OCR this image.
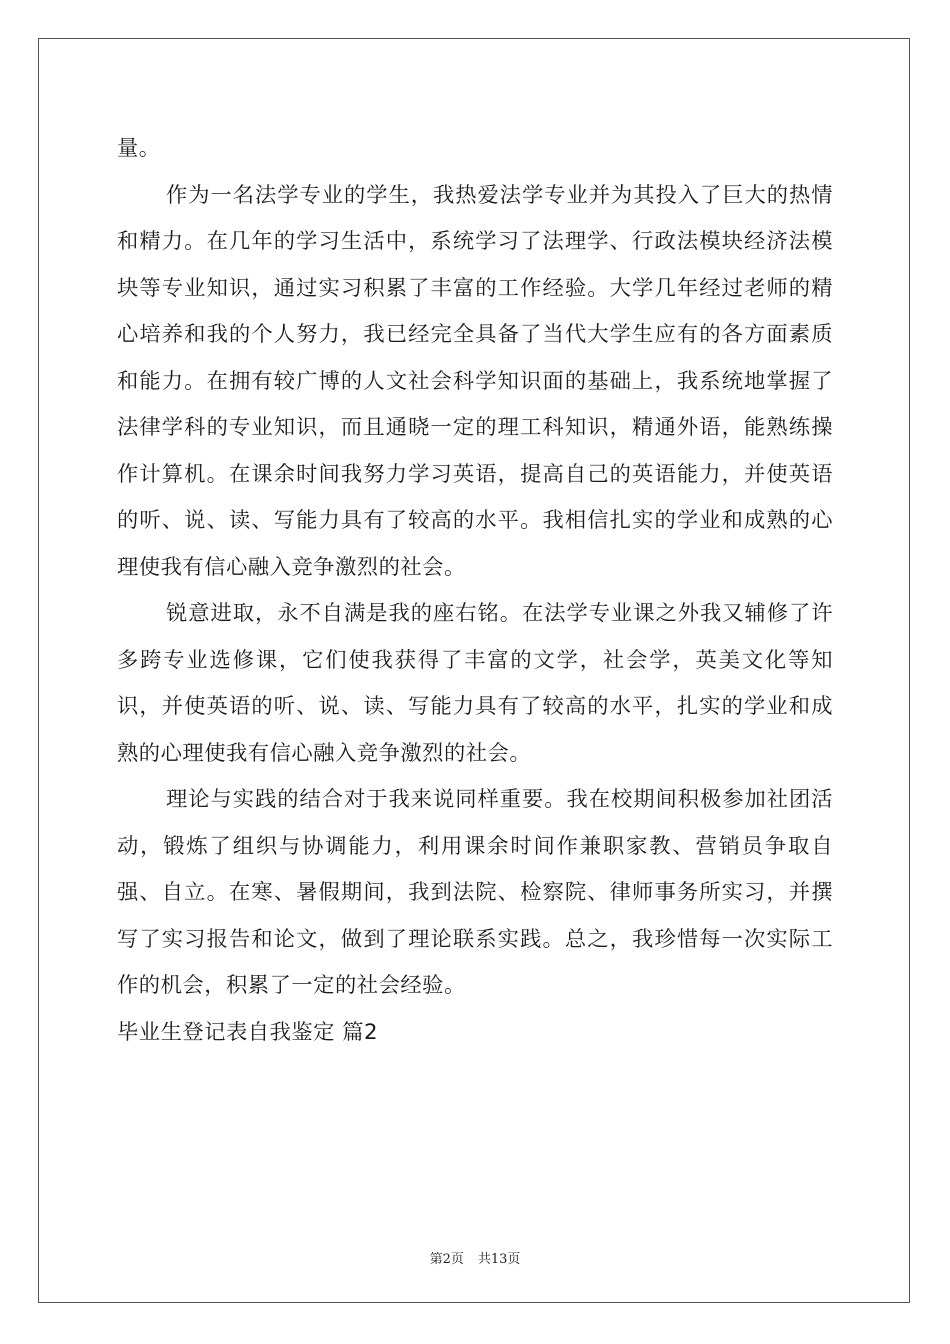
量。

作为一名法学专业的学生，我热爱法学专业并为其投入了巨大的热情和精力。在几年的学习生活中，系统学习了法理学、行政法模块经济法模块等专业知识，通过实习积累了丰富的工作经验。大学几年经过老师的精心培养和我的个人努力，我已经完全具备了当代大学生应有的各方面素质和能力。在拥有较广博的人文社会科学知识面的基础上，我系统地掌握了法律学科的专业知识，而且通晓一定的理工科知识，精通外语，能熟练操作计算机。在课余时间我努力学习英语，提高自己的英语能力，并使英语的听、说、读、写能力具有了较高的水平。我相信扎实的学业和成熟的心理使我有信心融入竞争激烈的社会。

锐意进取，永不自满是我的座右铭。在法学专业课之外我又辅修了许多跨专业选修课，它们使我获得了丰富的文学，社会学，英美文化等知识，并使英语的听、说、读、写能力具有了较高的水平，扎实的学业和成熟的心理使我有信心融入竞争激烈的社会。

理论与实践的结合对于我来说同样重要。我在校期间积极参加社团活动，锻炼了组织与协调能力，利用课余时间作兼职家教、营销员争取自强、自立。在寒、暑假期间，我到法院、检察院、律师事务所实习，并撰写了实习报告和论文，做到了理论联系实践。总之，我珍惜每一次实际工作的机会，积累了一定的社会经验。

毕业生登记表自我鉴定 篇2

第2页 共13页
